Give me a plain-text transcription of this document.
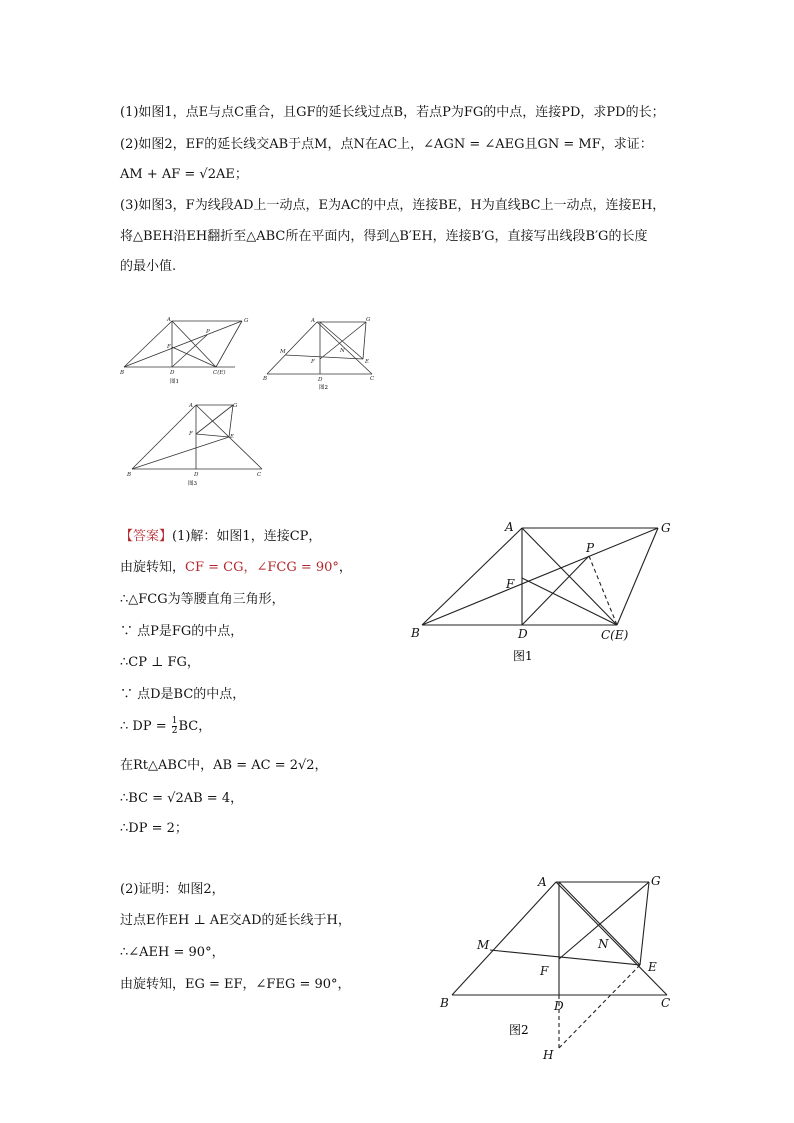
(1)如图1，点E与点C重合，且GF的延长线过点B，若点P为FG的中点，连接PD，求PD的长；
(2)如图2，EF的延长线交AB于点M，点N在AC上，∠AGN = ∠AEG且GN = MF，求证：
AM + AF = √2AE；
(3)如图3，F为线段AD上一动点，E为AC的中点，连接BE，H为直线BC上一动点，连接EH，
将△BEH沿EH翻折至△ABC所在平面内，得到△B′EH，连接B′G，直接写出线段B′G的长度
的最小值.
A	G
P
F
B	D	C(E)
图1
A	G
M	N
F	E
B	D	C
图2
A	G
F	E
B	D	C
图3
【答案】(1)解：如图1，连接CP，
由旋转知，CF = CG，∠FCG = 90°，
∴△FCG为等腰直角三角形，
∵ 点P是FG的中点，
∴CP ⊥ FG，
∵ 点D是BC的中点，
∴ DP = $\frac{1}{2}$ BC，
在Rt△ABC中，AB = AC = 2√2，
∴BC = √2AB = 4，
∴DP = 2；
(2)证明：如图2，
过点E作EH ⊥ AE交AD的延长线于H，
∴∠AEH = 90°，
由旋转知，EG = EF，∠FEG = 90°，
A	G
P
F
B	D	C(E)
图1
A	G
M	N
F	E
B	D	C
H
图2
